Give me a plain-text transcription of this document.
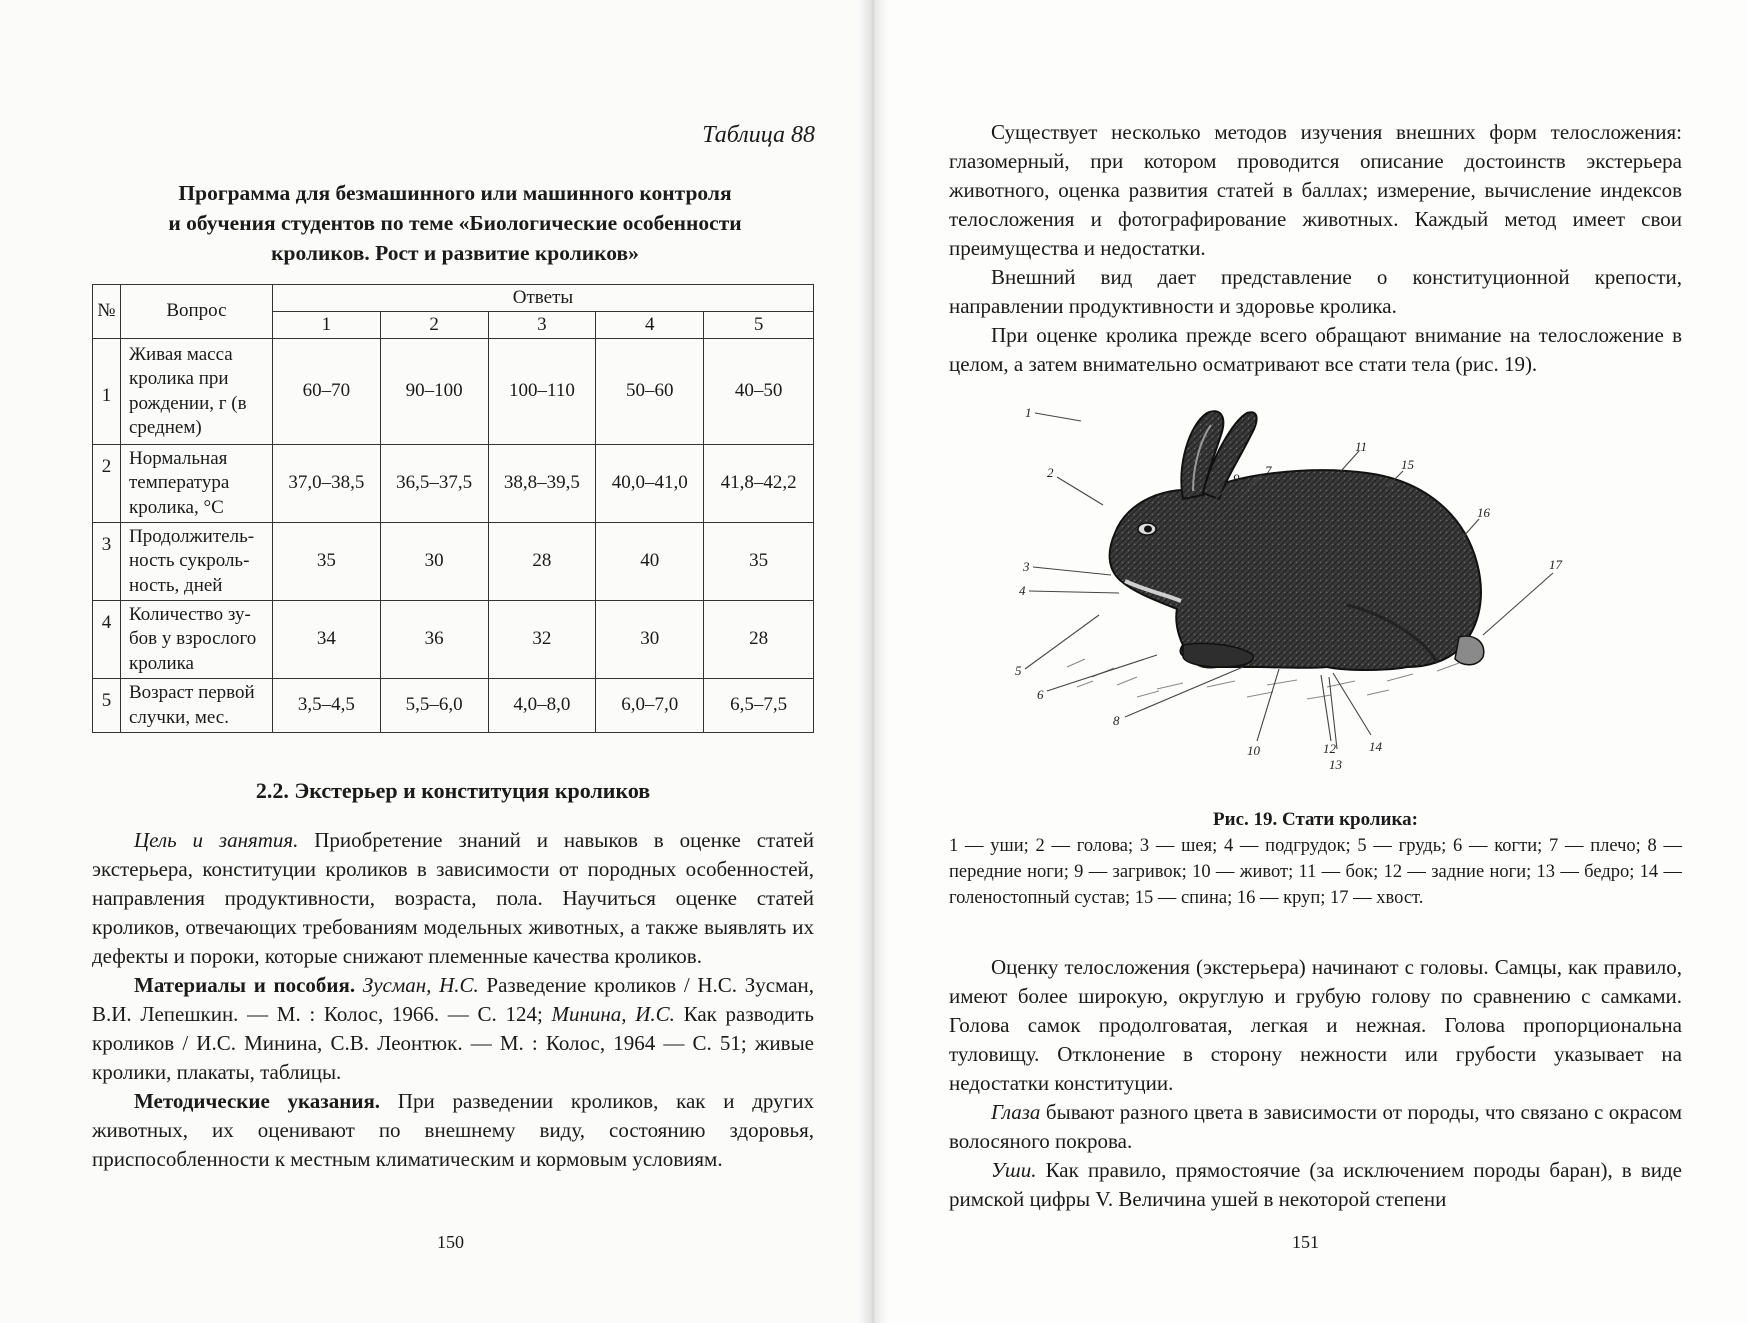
Таблица 88
Программа для безмашинного или машинного контроля
и обучения студентов по теме «Биологические особенности
кроликов. Рост и развитие кроликов»
№	Вопрос	Ответы				
		1	2	3	4	5
1	Живая масса кролика при рождении, г (в среднем)	60–70	90–100	100–110	50–60	40–50
2	Нормальная температура кролика, °С	37,0–38,5	36,5–37,5	38,8–39,5	40,0–41,0	41,8–42,2
3	Продолжитель-ность сукроль-ность, дней	35	30	28	40	35
4	Количество зу-бов у взрослого кролика	34	36	32	30	28
5	Возраст первой случки, мес.	3,5–4,5	5,5–6,0	4,0–8,0	6,0–7,0	6,5–7,5
2.2. Экстерьер и конституция кроликов

Цель и занятия. Приобретение знаний и навыков в оценке статей экстерьера, конституции кроликов в зависимости от породных особенностей, направления продуктивности, возраста, пола. Научиться оценке статей кроликов, отвечающих требованиям модельных животных, а также выявлять их дефекты и пороки, которые снижают племенные качества кроликов.

Материалы и пособия. Зусман, Н.С. Разведение кроликов / Н.С. Зусман, В.И. Лепешкин. — М. : Колос, 1966. — С. 124; Минина, И.С. Как разводить кроликов / И.С. Минина, С.В. Леонтюк. — М. : Колос, 1964 — С. 51; живые кролики, плакаты, таблицы.

Методические указания. При разведении кроликов, как и других животных, их оценивают по внешнему виду, состоянию здоровья, приспособленности к местным климатическим и кормовым условиям.

150

Существует несколько методов изучения внешних форм телосложения: глазомерный, при котором проводится описание достоинств экстерьера животного, оценка развития статей в баллах; измерение, вычисление индексов телосложения и фотографирование животных. Каждый метод имеет свои преимущества и недостатки.

Внешний вид дает представление о конституционной крепости, направлении продуктивности и здоровье кролика.

При оценке кролика прежде всего обращают внимание на телосложение в целом, а затем внимательно осматривают все стати тела (рис. 19).

1
2
3
4
5
6
7
8
9
10
11
12
13
14
15
16
17
Рис. 19. Стати кролика:
1 — уши; 2 — голова; 3 — шея; 4 — подгрудок; 5 — грудь; 6 — когти; 7 — плечо; 8 — передние ноги; 9 — загривок; 10 — живот; 11 — бок; 12 — задние ноги; 13 — бедро; 14 — голеностопный сустав; 15 — спина; 16 — круп; 17 — хвост.

Оценку телосложения (экстерьера) начинают с головы. Самцы, как правило, имеют более широкую, округлую и грубую голову по сравнению с самками. Голова самок продолговатая, легкая и нежная. Голова пропорциональна туловищу. Отклонение в сторону нежности или грубости указывает на недостатки конституции.

Глаза бывают разного цвета в зависимости от породы, что связано с окрасом волосяного покрова.

Уши. Как правило, прямостоячие (за исключением породы баран), в виде римской цифры V. Величина ушей в некоторой степени

151
